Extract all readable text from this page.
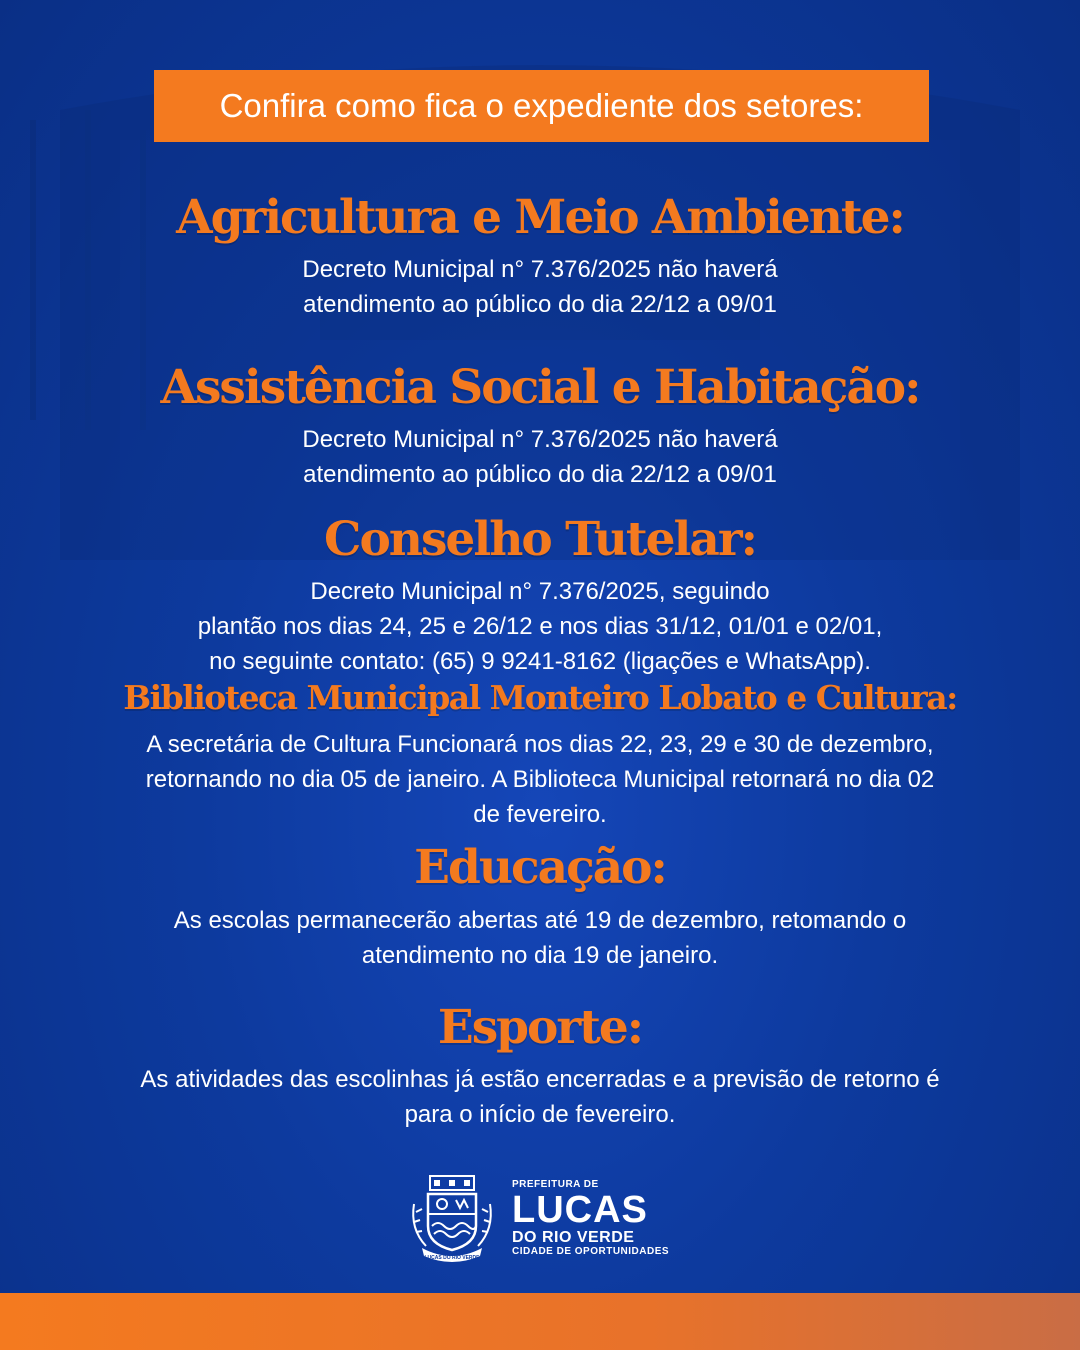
Confira como fica o expediente dos setores:
Agricultura e Meio Ambiente:
Decreto Municipal n° 7.376/2025 não haverá
atendimento ao público do dia 22/12 a 09/01
Assistência Social e Habitação:
Decreto Municipal n° 7.376/2025 não haverá
atendimento ao público do dia 22/12 a 09/01
Conselho Tutelar:
Decreto Municipal n° 7.376/2025, seguindo
plantão nos dias 24, 25 e 26/12 e nos dias 31/12, 01/01 e 02/01,
no seguinte contato: (65) 9 9241-8162 (ligações e WhatsApp).
Biblioteca Municipal Monteiro Lobato e Cultura:
A secretária de Cultura Funcionará nos dias 22, 23, 29 e 30 de dezembro,
retornando no dia 05 de janeiro. A Biblioteca Municipal retornará no dia 02
de fevereiro.
Educação:
As escolas permanecerão abertas até 19 de dezembro, retomando o
atendimento no dia 19 de janeiro.
Esporte:
As atividades das escolinhas já estão encerradas e a previsão de retorno é
para o início de fevereiro.
LUCAS DO RIO VERDE
PREFEITURA DE
LUCAS
DO RIO VERDE
CIDADE DE OPORTUNIDADES
